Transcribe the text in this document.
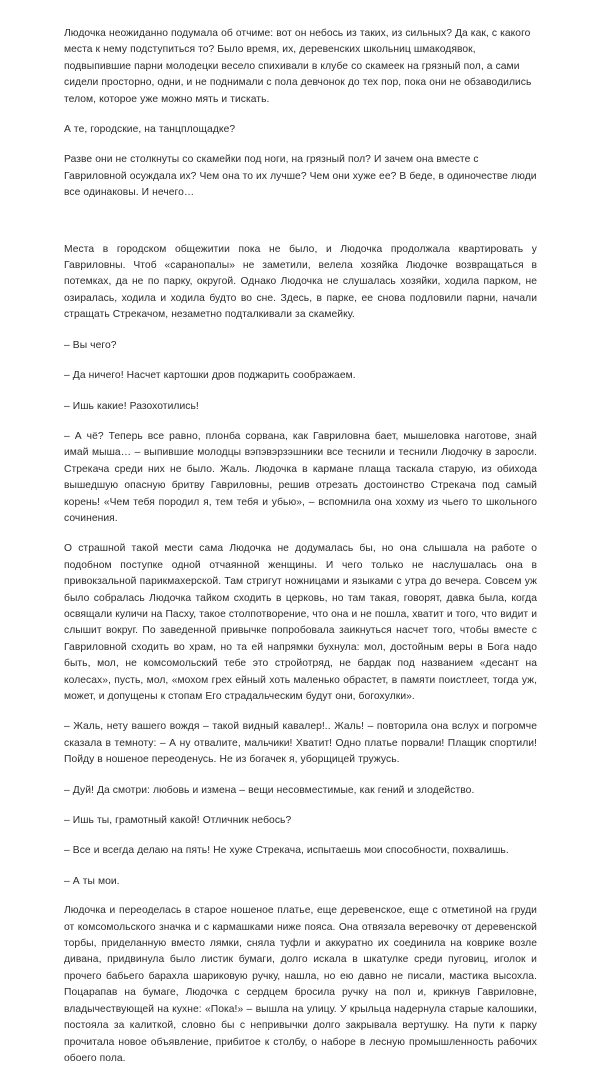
Людочка неожиданно подумала об отчиме: вот он небось из таких, из сильных? Да как, с какого места к нему подступиться то? Было время, их, деревенских школьниц шмакодявок, подвыпившие парни молодецки весело спихивали в клубе со скамеек на грязный пол, а сами сидели просторно, одни, и не поднимали с пола девчонок до тех пор, пока они не обзаводились телом, которое уже можно мять и тискать.

А те, городские, на танцплощадке?

Разве они не столкнуты со скамейки под ноги, на грязный пол? И зачем она вместе с Гавриловной осуждала их? Чем она то их лучше? Чем они хуже ее? В беде, в одиночестве люди все одинаковы. И нечего…

Места в городском общежитии пока не было, и Людочка продолжала квартировать у Гавриловны. Чтоб «саранопалы» не заметили, велела хозяйка Людочке возвращаться в потемках, да не по парку, округой. Однако Людочка не слушалась хозяйки, ходила парком, не озиралась, ходила и ходила будто во сне. Здесь, в парке, ее снова подловили парни, начали стращать Стрекачом, незаметно подталкивали за скамейку.

– Вы чего?

– Да ничего! Насчет картошки дров поджарить соображаем.

– Ишь какие! Разохотились!

– А чё? Теперь все равно, плонба сорвана, как Гавриловна бает, мышеловка наготове, знай имай мыша… – выпившие молодцы вэпэвэрзэшники все теснили и теснили Людочку в заросли. Стрекача среди них не было. Жаль. Людочка в кармане плаща таскала старую, из обихода вышедшую опасную бритву Гавриловны, решив отрезать достоинство Стрекача под самый корень! «Чем тебя породил я, тем тебя и убью», – вспомнила она хохму из чьего то школьного сочинения.

О страшной такой мести сама Людочка не додумалась бы, но она слышала на работе о подобном поступке одной отчаянной женщины. И чего только не наслушалась она в привокзальной парикмахерской. Там стригут ножницами и языками с утра до вечера. Совсем уж было собралась Людочка тайком сходить в церковь, но там такая, говорят, давка была, когда освящали куличи на Пасху, такое столпотворение, что она и не пошла, хватит и того, что видит и слышит вокруг. По заведенной привычке попробовала заикнуться насчет того, чтобы вместе с Гавриловной сходить во храм, но та ей напрямки бухнула: мол, достойным веры в Бога надо быть, мол, не комсомольский тебе это стройотряд, не бардак под названием «десант на колесах», пусть, мол, «мохом грех ейный хоть маленько обрастет, в памяти поистлеет, тогда уж, может, и допущены к стопам Его страдальческим будут они, богохулки».

– Жаль, нету вашего вождя – такой видный кавалер!.. Жаль! – повторила она вслух и погромче сказала в темноту: – А ну отвалите, мальчики! Хватит! Одно платье порвали! Плащик спортили! Пойду в ношеное переоденусь. Не из богачек я, уборщицей тружусь.

– Дуй! Да смотри: любовь и измена – вещи несовместимые, как гений и злодейство.

– Ишь ты, грамотный какой! Отличник небось?

– Все и всегда делаю на пять! Не хуже Стрекача, испытаешь мои способности, похвалишь.

– А ты мои.

Людочка и переоделась в старое ношеное платье, еще деревенское, еще с отметиной на груди от комсомольского значка и с кармашками ниже пояса. Она отвязала веревочку от деревенской торбы, приделанную вместо лямки, сняла туфли и аккуратно их соединила на коврике возле дивана, придвинула было листик бумаги, долго искала в шкатулке среди пуговиц, иголок и прочего бабьего барахла шариковую ручку, нашла, но ею давно не писали, мастика высохла. Поцарапав на бумаге, Людочка с сердцем бросила ручку на пол и, крикнув Гавриловне, владычествующей на кухне: «Пока!» – вышла на улицу. У крыльца надернула старые калошики, постояла за калиткой, словно бы с непривычки долго закрывала вертушку. На пути к парку прочитала новое объявление, прибитое к столбу, о наборе в лесную промышленность рабочих обоего пола.
